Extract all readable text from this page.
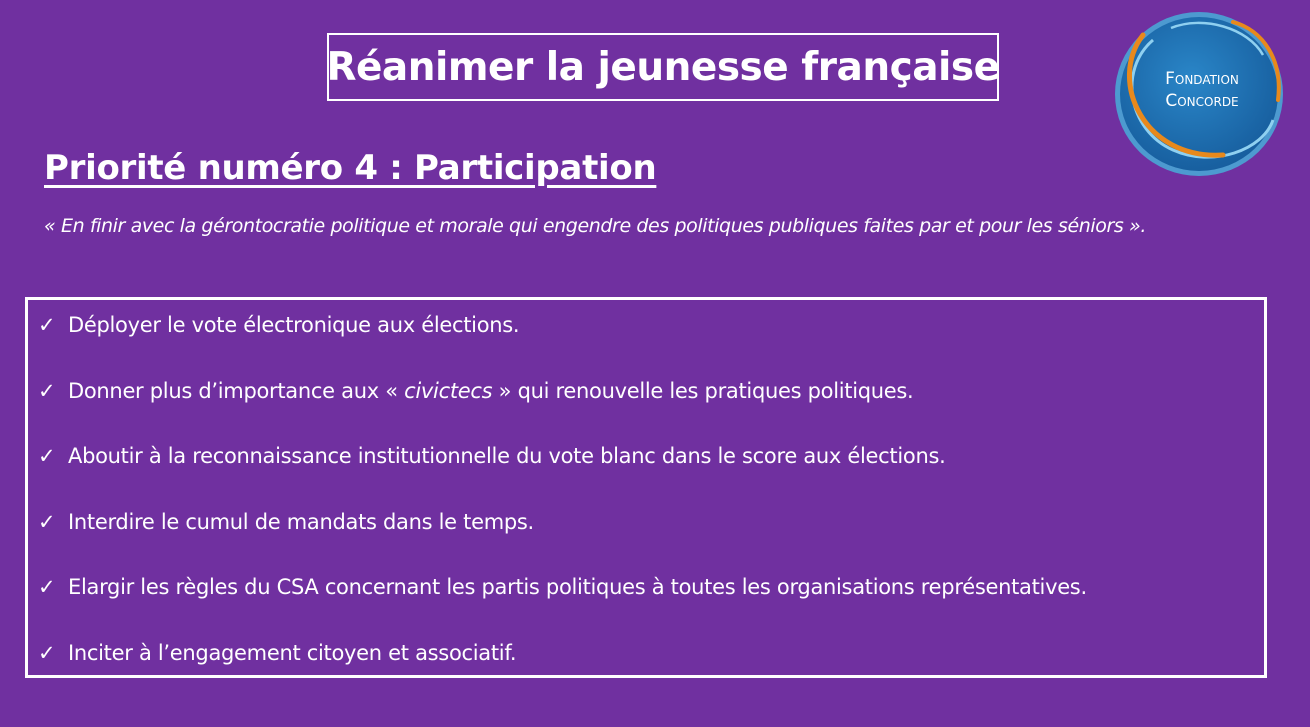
Réanimer la jeunesse française	Fondation
Concorde
Priorité numéro 4 : Participation
« En finir avec la gérontocratie politique et morale qui engendre des politiques publiques faites par et pour les séniors ».
✓ Déployer le vote électronique aux élections.
✓ Donner plus d’importance aux « civictecs » qui renouvelle les pratiques politiques.
✓ Aboutir à la reconnaissance institutionnelle du vote blanc dans le score aux élections.
✓ Interdire le cumul de mandats dans le temps.
✓ Elargir les règles du CSA concernant les partis politiques à toutes les organisations représentatives.
✓ Inciter à l’engagement citoyen et associatif.
